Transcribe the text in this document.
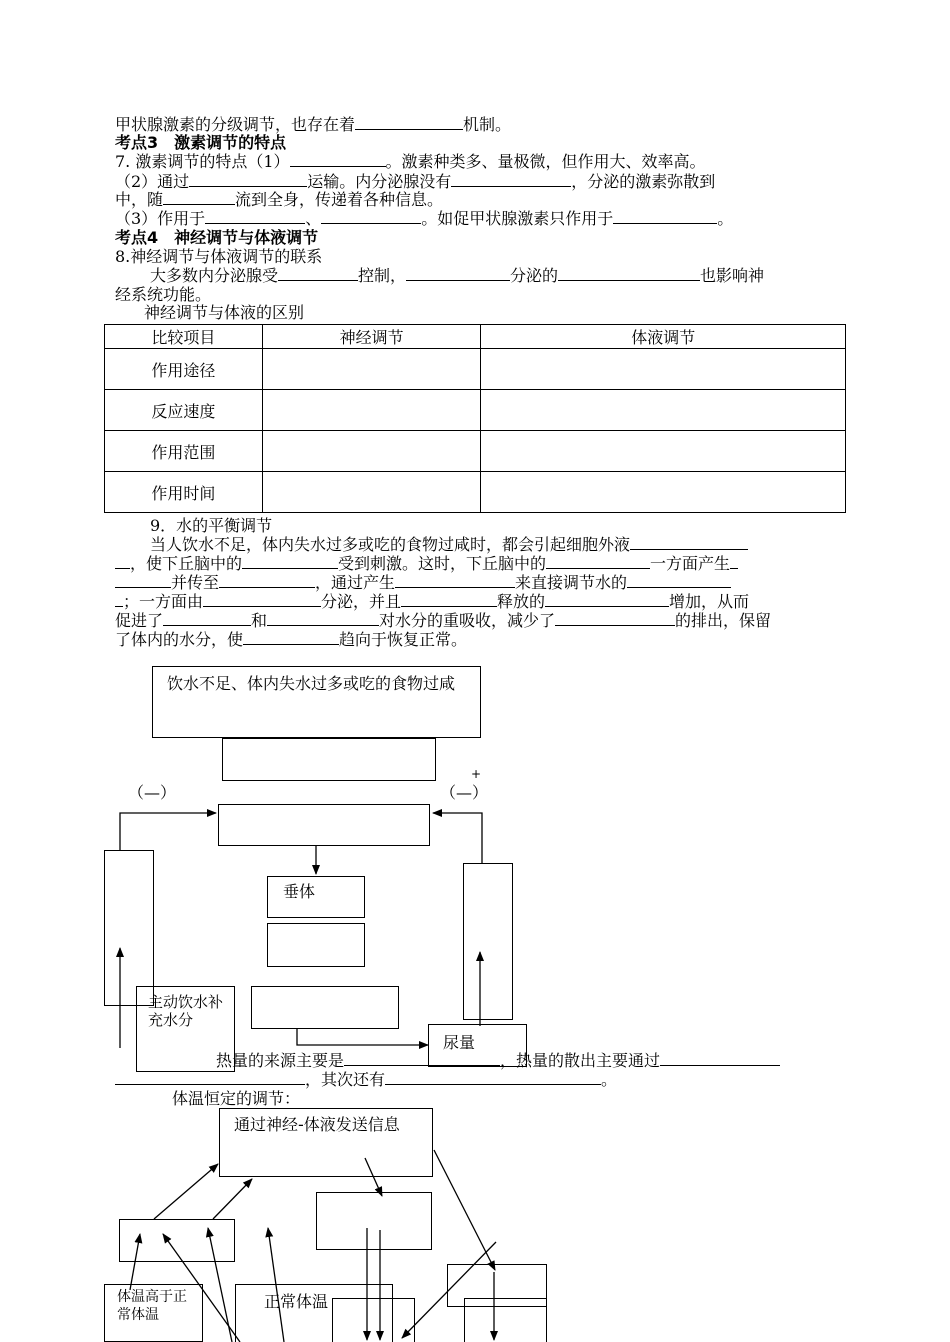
甲状腺激素的分级调节，也存在着	机制。
考点3　激素调节的特点
7. 激素调节的特点（1）	。激素种类多、量极微，但作用大、效率高。
（2）通过	运输。内分泌腺没有	，分泌的激素弥散到
中，随	流到全身，传递着各种信息。
（3）作用于	、	。如促甲状腺激素只作用于	。
考点4　神经调节与体液调节
8.神经调节与体液调节的联系
大多数内分泌腺受	控制，	分泌的	也影响神
经系统功能。
神经调节与体液的区别
比较项目	神经调节	体液调节
作用途径		
反应速度		
作用范围		
作用时间		
9．水的平衡调节
当人饮水不足，体内失水过多或吃的食物过咸时，都会引起细胞外液
，使下丘脑中的	受到刺激。这时，下丘脑中的	一方面产生
并传至	，通过产生	来直接调节水的
；一方面由	分泌，并且	释放的	增加，从而
促进了	和	对水分的重吸收，减少了	的排出，保留
了体内的水分，使	趋向于恢复正常。
饮水不足、体内失水过多或吃的食物过咸
+
（—）	（—）
垂体
主动饮水补充水分
尿量
热量的来源主要是	，热量的散出主要通过
，其次还有	。
体温恒定的调节：
通过神经-体液发送信息
体温高于正常体温
正常体温
